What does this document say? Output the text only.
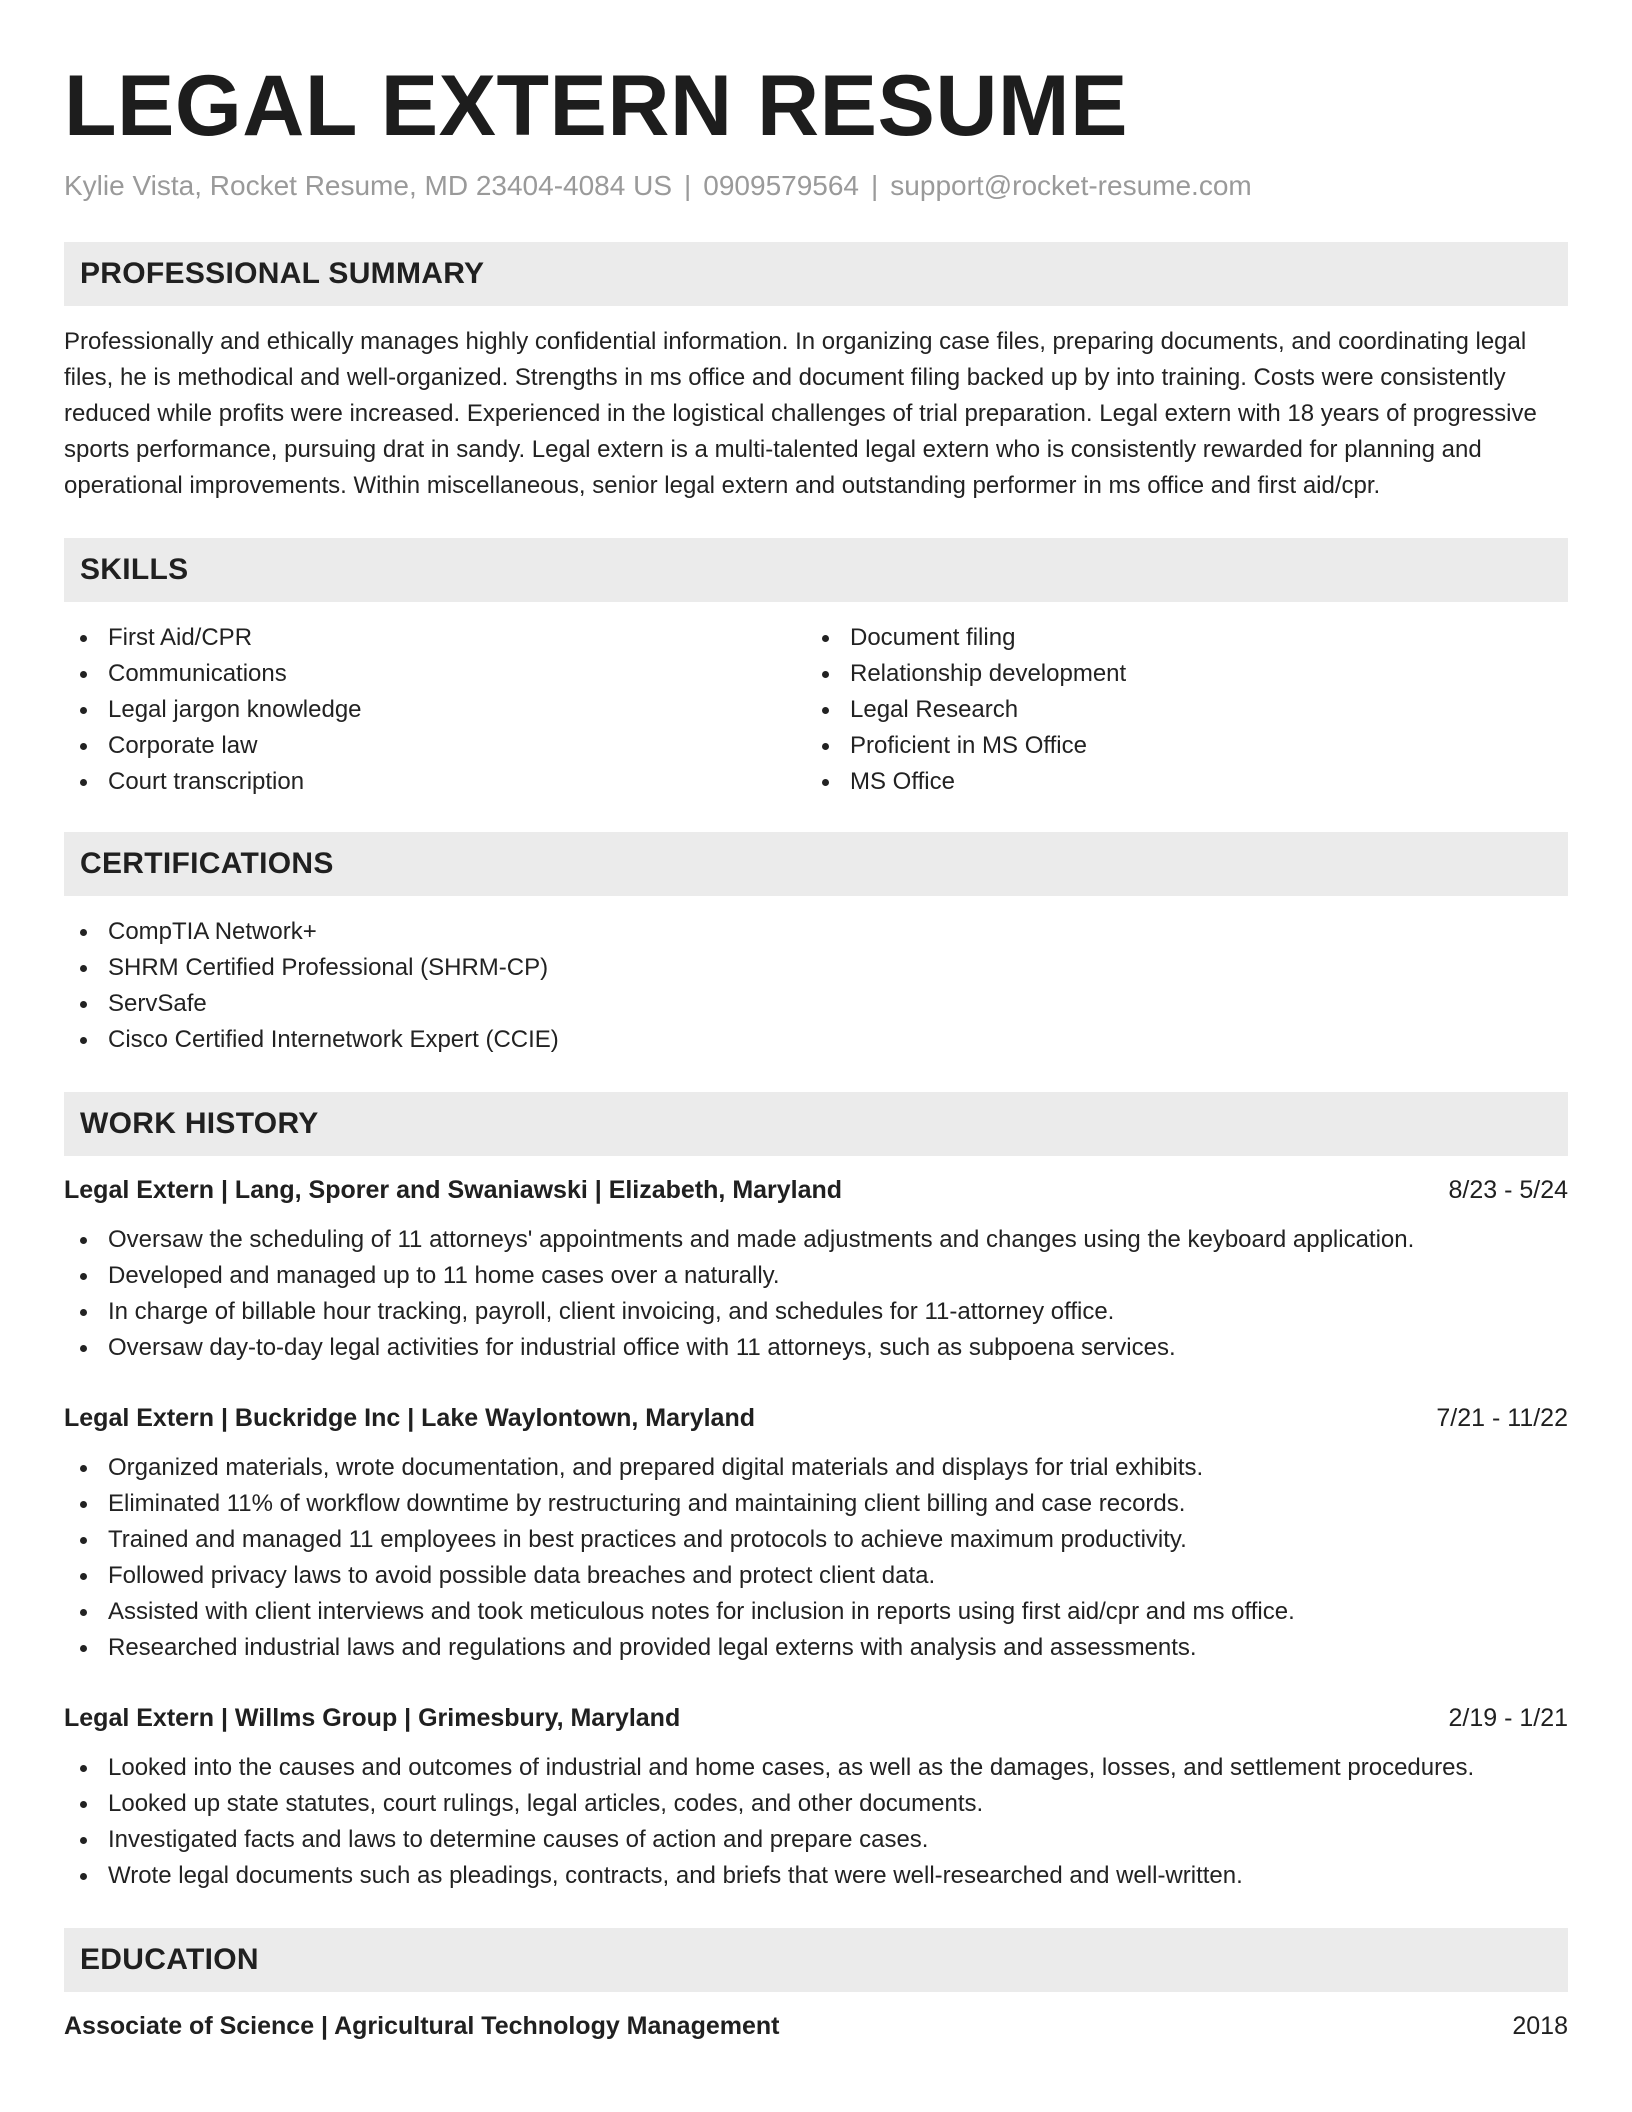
LEGAL EXTERN RESUME
Kylie Vista, Rocket Resume, MD 23404-4084 US | 0909579564 | support@rocket-resume.com
PROFESSIONAL SUMMARY

Professionally and ethically manages highly confidential information. In organizing case files, preparing documents, and coordinating legal files, he is methodical and well-organized. Strengths in ms office and document filing backed up by into training. Costs were consistently reduced while profits were increased. Experienced in the logistical challenges of trial preparation. Legal extern with 18 years of progressive sports performance, pursuing drat in sandy. Legal extern is a multi-talented legal extern who is consistently rewarded for planning and operational improvements. Within miscellaneous, senior legal extern and outstanding performer in ms office and first aid/cpr.

SKILLS
First Aid/CPR
Communications
Legal jargon knowledge
Corporate law
Court transcription
Document filing
Relationship development
Legal Research
Proficient in MS Office
MS Office
CERTIFICATIONS
CompTIA Network+
SHRM Certified Professional (SHRM-CP)
ServSafe
Cisco Certified Internetwork Expert (CCIE)
WORK HISTORY
Legal Extern | Lang, Sporer and Swaniawski | Elizabeth, Maryland	8/23 - 5/24
Oversaw the scheduling of 11 attorneys' appointments and made adjustments and changes using the keyboard application.
Developed and managed up to 11 home cases over a naturally.
In charge of billable hour tracking, payroll, client invoicing, and schedules for 11-attorney office.
Oversaw day-to-day legal activities for industrial office with 11 attorneys, such as subpoena services.
Legal Extern | Buckridge Inc | Lake Waylontown, Maryland	7/21 - 11/22
Organized materials, wrote documentation, and prepared digital materials and displays for trial exhibits.
Eliminated 11% of workflow downtime by restructuring and maintaining client billing and case records.
Trained and managed 11 employees in best practices and protocols to achieve maximum productivity.
Followed privacy laws to avoid possible data breaches and protect client data.
Assisted with client interviews and took meticulous notes for inclusion in reports using first aid/cpr and ms office.
Researched industrial laws and regulations and provided legal externs with analysis and assessments.
Legal Extern | Willms Group | Grimesbury, Maryland	2/19 - 1/21
Looked into the causes and outcomes of industrial and home cases, as well as the damages, losses, and settlement procedures.
Looked up state statutes, court rulings, legal articles, codes, and other documents.
Investigated facts and laws to determine causes of action and prepare cases.
Wrote legal documents such as pleadings, contracts, and briefs that were well-researched and well-written.
EDUCATION
Associate of Science | Agricultural Technology Management	2018
